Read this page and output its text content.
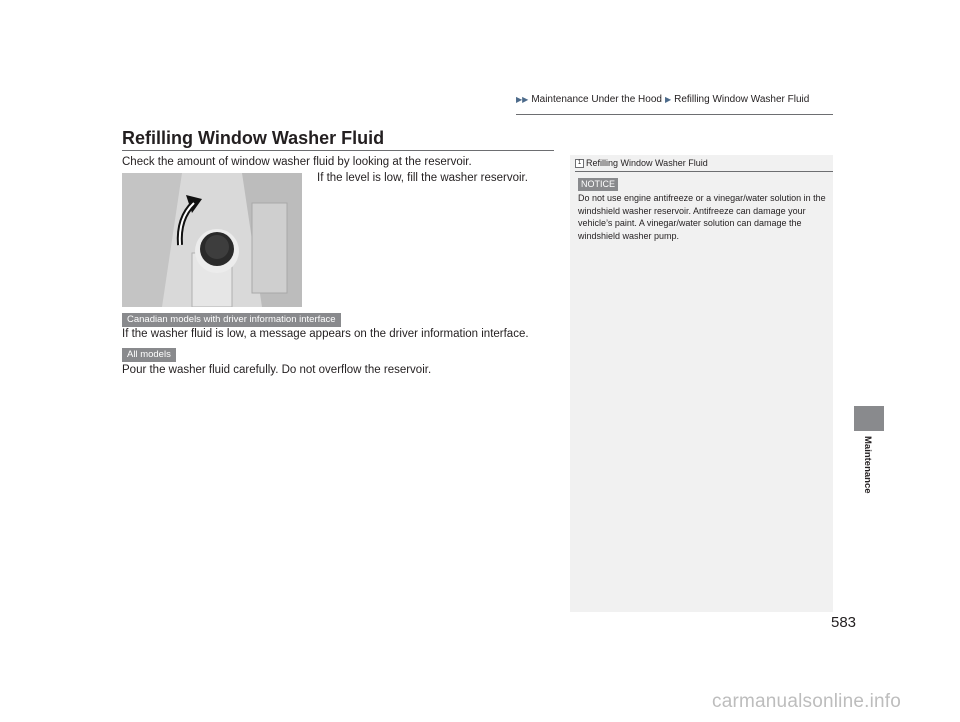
▶▶ Maintenance Under the Hood ▶ Refilling Window Washer Fluid
Refilling Window Washer Fluid
Check the amount of window washer fluid by looking at the reservoir.
If the level is low, fill the washer reservoir.
Canadian models with driver information interface
If the washer fluid is low, a message appears on the driver information interface.
All models
Pour the washer fluid carefully. Do not overflow the reservoir.
1 Refilling Window Washer Fluid
NOTICE
Do not use engine antifreeze or a vinegar/water solution in the windshield washer reservoir. Antifreeze can damage your vehicle’s paint. A vinegar/water solution can damage the windshield washer pump.
Maintenance
583
carmanualsonline.info
